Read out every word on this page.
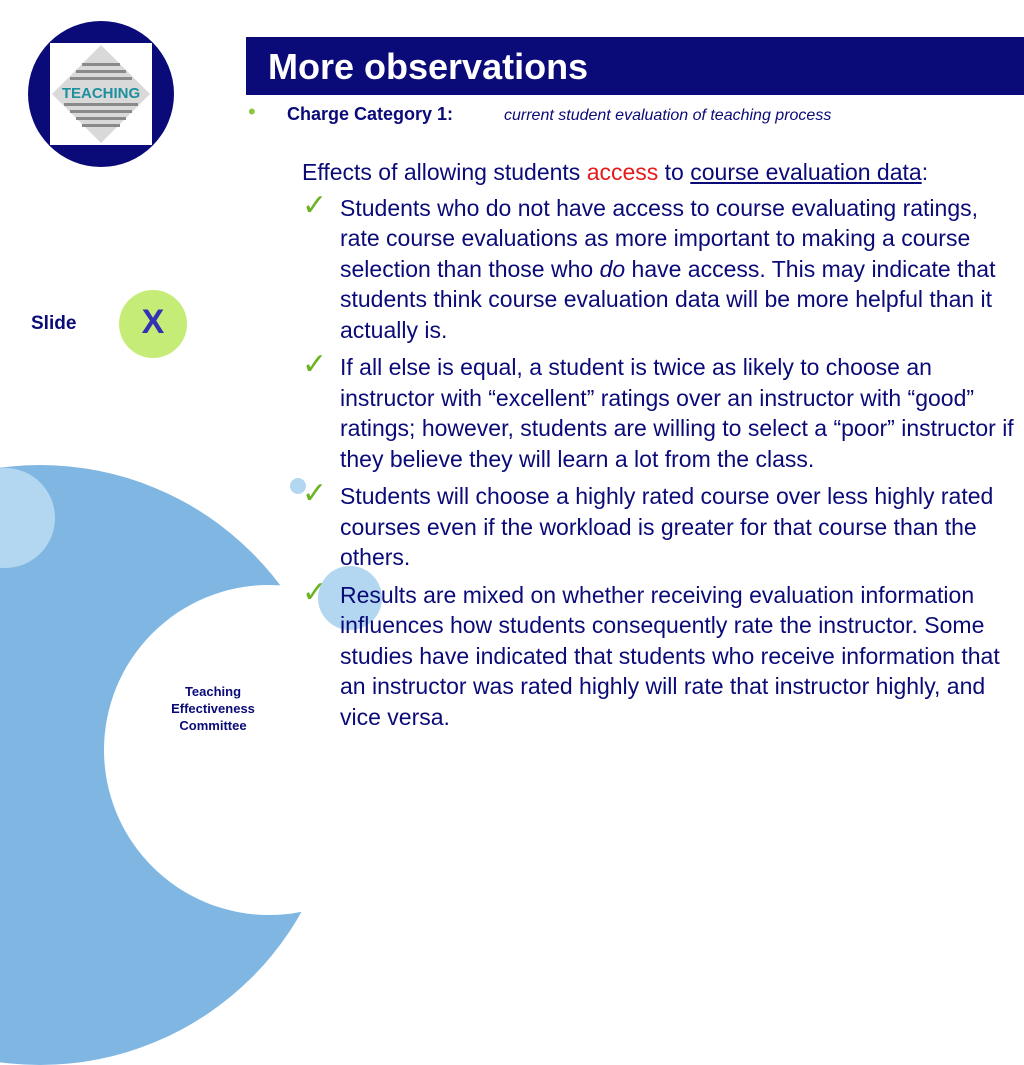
TEACHING
More observations
• Charge Category 1:	current student evaluation of teaching process
Slide	X
Teaching
Effectiveness
Committee
Effects of allowing students access to course evaluation data:
✓ Students who do not have access to course evaluating ratings, rate course evaluations as more important to making a course selection than those who do have access. This may indicate that students think course evaluation data will be more helpful than it actually is.
✓ If all else is equal, a student is twice as likely to choose an instructor with “excellent” ratings over an instructor with “good” ratings; however, students are willing to select a “poor” instructor if they believe they will learn a lot from the class.
✓ Students will choose a highly rated course over less highly rated courses even if the workload is greater for that course than the others.
✓ Results are mixed on whether receiving evaluation information influences how students consequently rate the instructor. Some studies have indicated that students who receive information that an instructor was rated highly will rate that instructor highly, and vice versa.
